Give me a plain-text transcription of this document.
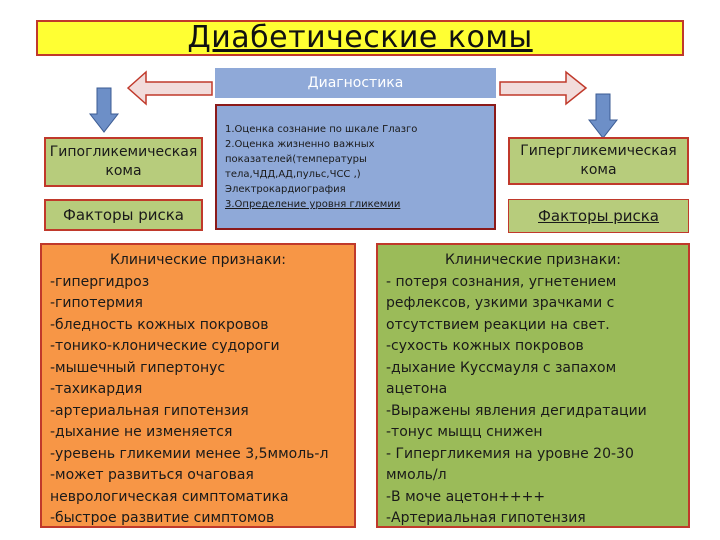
Диабетические комы
Диагностика
1.Оценка сознание по шкале Глазго
2.Оценка жизненно важных
показателей(температуры
тела,ЧДД,АД,пульс,ЧСС ,)
Электрокардиография
3.Определение уровня гликемии
Гипогликемическая кома
Факторы риска
Гипергликемическая кома
Факторы риска
Клинические признаки:
-гипергидроз
-гипотермия
-бледность кожных покровов
-тонико-клонические судороги
-мышечный гипертонус
-тахикардия
-артериальная гипотензия
-дыхание не изменяется
-уревень гликемии менее 3,5ммоль-л
-может развиться очаговая
неврологическая симптоматика
-быстрое развитие симптомов
Клинические признаки:
- потеря сознания, угнетением
рефлексов, узкими зрачками с
отсутствием реакции на свет.
-сухость кожных покровов
-дыхание Куссмауля с запахом
ацетона
-Выражены явления дегидратации
-тонус мыщц снижен
- Гипергликемия на уровне 20-30
ммоль/л
-В моче ацетон++++
-Артериальная гипотензия
